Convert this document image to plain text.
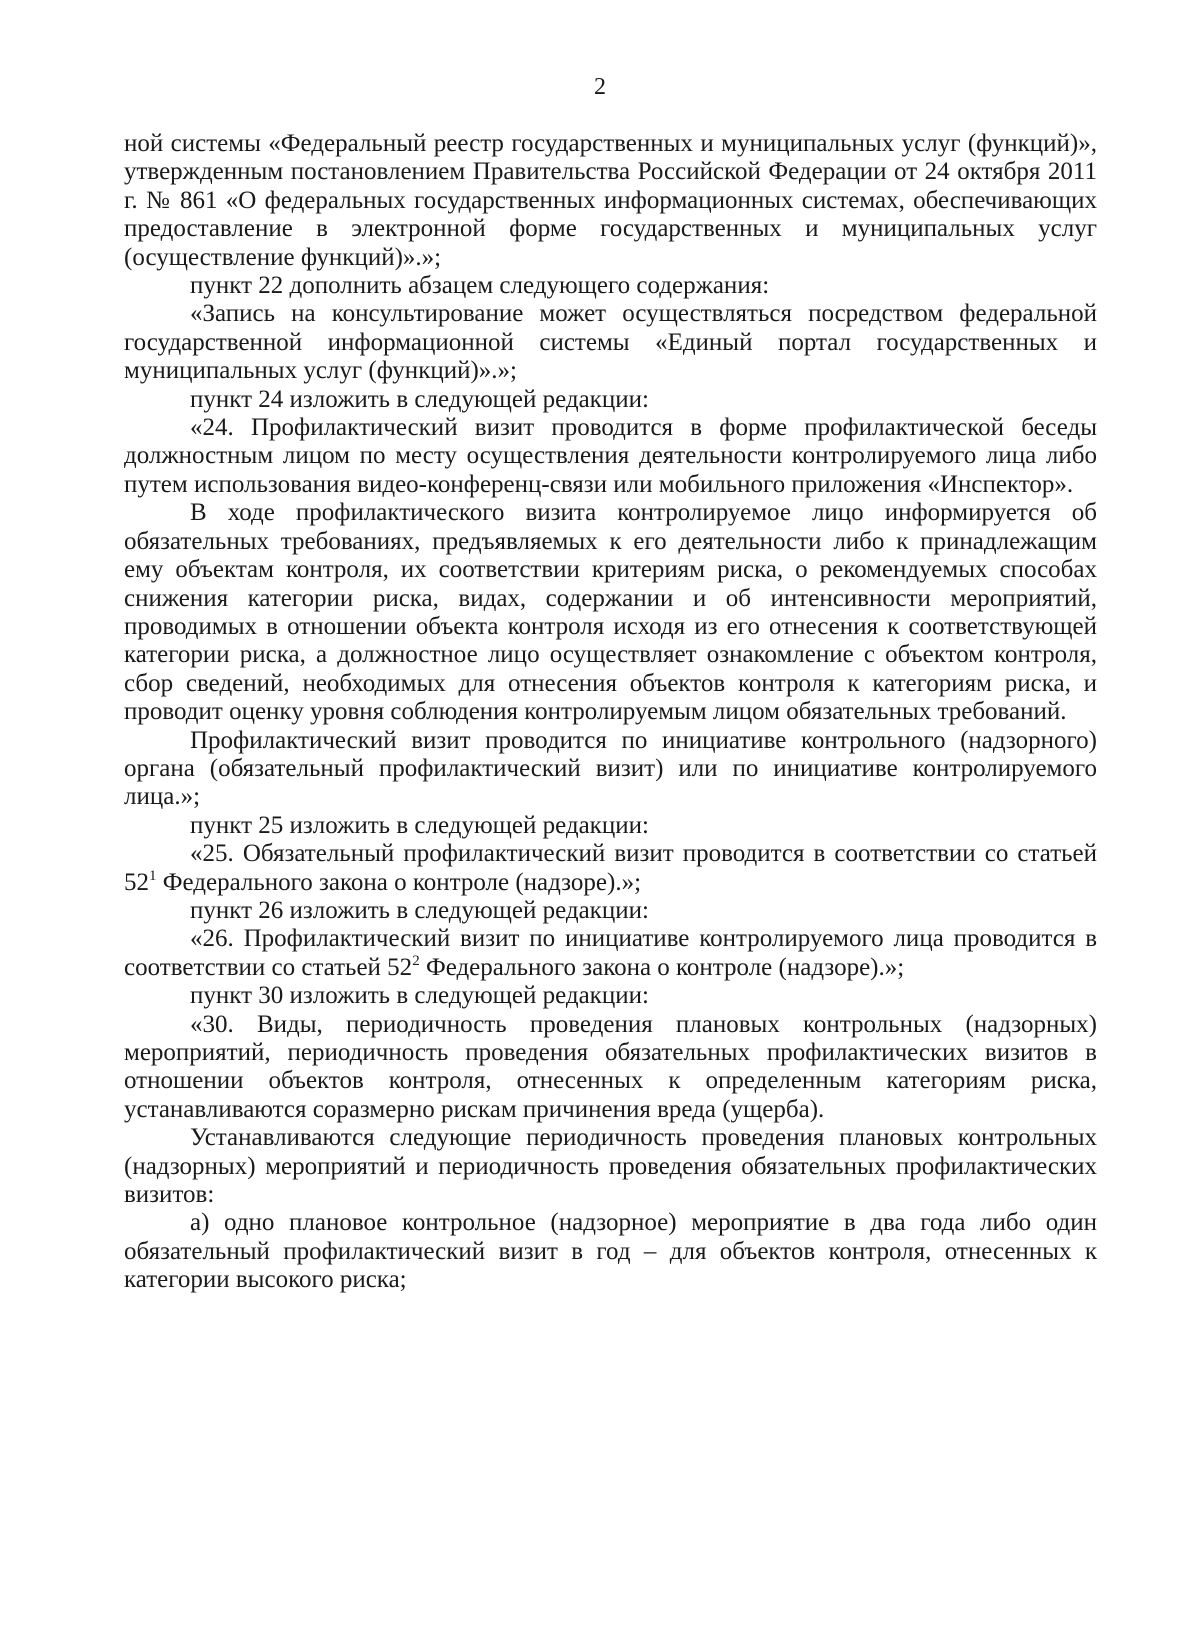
2

ной системы «Федеральный реестр государственных и муниципальных услуг (функций)», утвержденным постановлением Правительства Российской Федерации от 24 октября 2011 г. № 861 «О федеральных государственных информационных системах, обеспечивающих предоставление в электронной форме государственных и муниципальных услуг (осуществление функций)».»;

пункт 22 дополнить абзацем следующего содержания:

«Запись на консультирование может осуществляться посредством федеральной государственной информационной системы «Единый портал государственных и муниципальных услуг (функций)».»;

пункт 24 изложить в следующей редакции:

«24. Профилактический визит проводится в форме профилактической беседы должностным лицом по месту осуществления деятельности контролируемого лица либо путем использования видео-конференц-связи или мобильного приложения «Инспектор».

В ходе профилактического визита контролируемое лицо информируется об обязательных требованиях, предъявляемых к его деятельности либо к принадлежащим ему объектам контроля, их соответствии критериям риска, о рекомендуемых способах снижения категории риска, видах, содержании и об интенсивности мероприятий, проводимых в отношении объекта контроля исходя из его отнесения к соответствующей категории риска, а должностное лицо осуществляет ознакомление с объектом контроля, сбор сведений, необходимых для отнесения объектов контроля к категориям риска, и проводит оценку уровня соблюдения контролируемым лицом обязательных требований.

Профилактический визит проводится по инициативе контрольного (надзорного) органа (обязательный профилактический визит) или по инициативе контролируемого лица.»;

пункт 25 изложить в следующей редакции:

«25. Обязательный профилактический визит проводится в соответствии со статьей $52^1$ Федерального закона о контроле (надзоре).»;

пункт 26 изложить в следующей редакции:

«26. Профилактический визит по инициативе контролируемого лица проводится в соответствии со статьей $52^2$ Федерального закона о контроле (надзоре).»;

пункт 30 изложить в следующей редакции:

«30. Виды, периодичность проведения плановых контрольных (надзорных) мероприятий, периодичность проведения обязательных профилактических визитов в отношении объектов контроля, отнесенных к определенным категориям риска, устанавливаются соразмерно рискам причинения вреда (ущерба).

Устанавливаются следующие периодичность проведения плановых контрольных (надзорных) мероприятий и периодичность проведения обязательных профилактических визитов:

а) одно плановое контрольное (надзорное) мероприятие в два года либо один обязательный профилактический визит в год – для объектов контроля, отнесенных к категории высокого риска;
